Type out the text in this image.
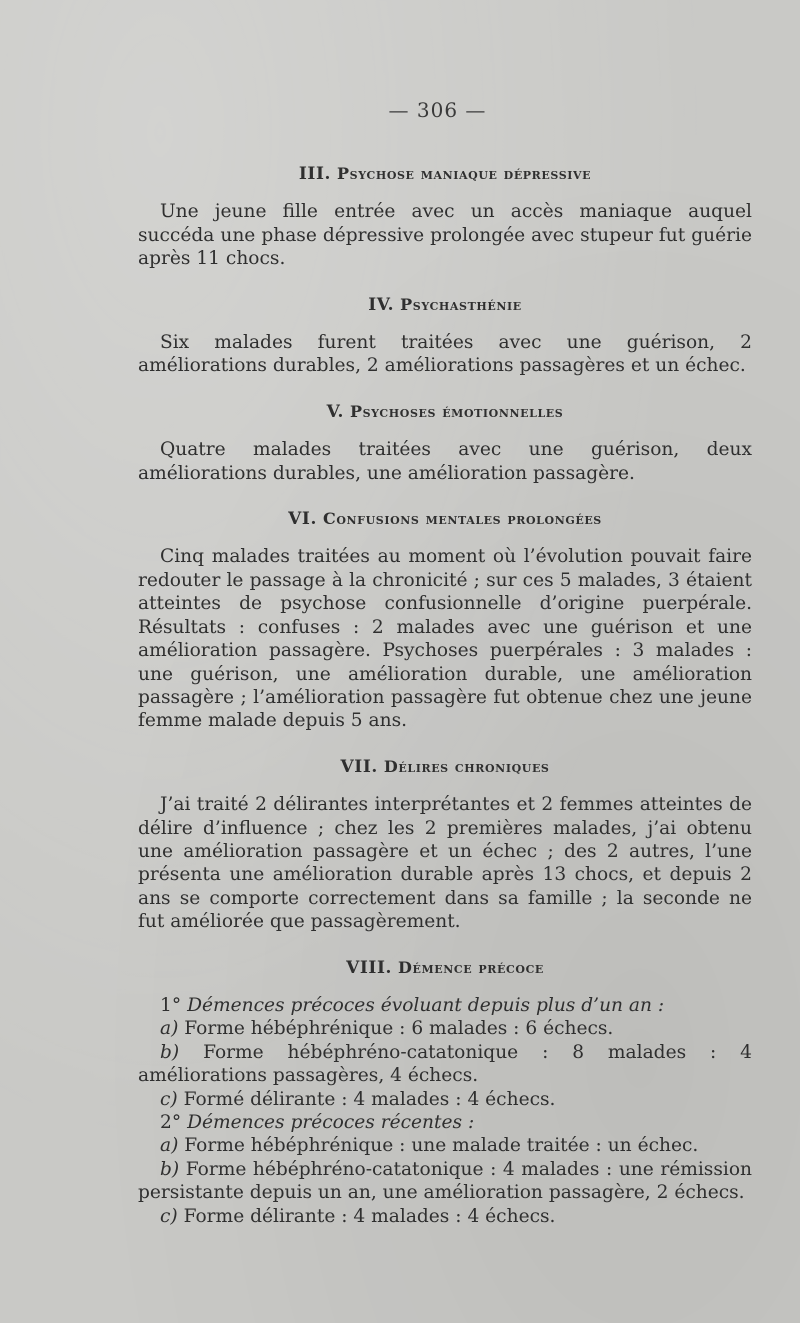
— 306 —
III. Psychose maniaque dépressive

Une jeune fille entrée avec un accès maniaque auquel succéda une phase dépressive prolongée avec stupeur fut guérie après 11 chocs.

IV. Psychasthénie

Six malades furent traitées avec une guérison, 2 améliorations durables, 2 améliorations passagères et un échec.

V. Psychoses émotionnelles

Quatre malades traitées avec une guérison, deux améliorations durables, une amélioration passagère.

VI. Confusions mentales prolongées

Cinq malades traitées au moment où l’évolution pouvait faire redouter le passage à la chronicité ; sur ces 5 malades, 3 étaient atteintes de psychose confusionnelle d’origine puerpérale. Résultats : confuses : 2 malades avec une guérison et une amélioration passagère. Psychoses puerpérales : 3 malades : une guérison, une amélioration durable, une amélioration passagère ; l’amélioration passagère fut obtenue chez une jeune femme malade depuis 5 ans.

VII. Délires chroniques

J’ai traité 2 délirantes interprétantes et 2 femmes atteintes de délire d’influence ; chez les 2 premières malades, j’ai obtenu une amélioration passagère et un échec ; des 2 autres, l’une présenta une amélioration durable après 13 chocs, et depuis 2 ans se comporte correctement dans sa famille ; la seconde ne fut améliorée que passagèrement.

VIII. Démence précoce

1° Démences précoces évoluant depuis plus d’un an :

a) Forme hébéphrénique : 6 malades : 6 échecs.

b) Forme hébéphréno-catatonique : 8 malades : 4 améliorations passagères, 4 échecs.

c) Formé délirante : 4 malades : 4 échecs.

2° Démences précoces récentes :

a) Forme hébéphrénique : une malade traitée : un échec.

b) Forme hébéphréno-catatonique : 4 malades : une rémission persistante depuis un an, une amélioration passagère, 2 échecs.

c) Forme délirante : 4 malades : 4 échecs.
